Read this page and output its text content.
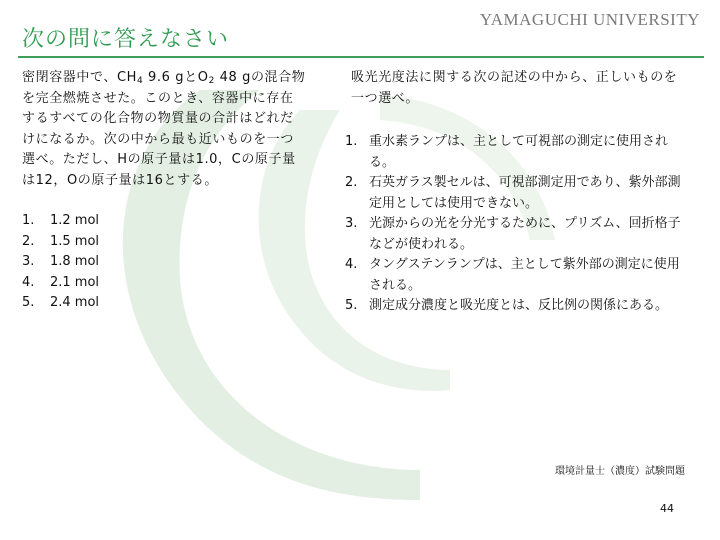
次の問に答えなさい
YAMAGUCHI UNIVERSITY

密閉容器中で、$CH_4$ 9.6 gと$O_2$ 48 gの混合物を完全燃焼させた。このとき、容器中に存在するすべての化合物の物質量の合計はどれだけになるか。次の中から最も近いものを一つ選べ。ただし、Hの原子量は1.0，Cの原子量は12，Oの原子量は16とする。

1.	1.2 mol
2.	1.5 mol
3.	1.8 mol
4.	2.1 mol
5.	2.4 mol

吸光光度法に関する次の記述の中から、正しいものを一つ選べ。

1. 重水素ランプは、主として可視部の測定に使用される。
2. 石英ガラス製セルは、可視部測定用であり、紫外部測定用としては使用できない。
3. 光源からの光を分光するために、プリズム、回折格子などが使われる。
4. タングステンランプは、主として紫外部の測定に使用される。
5. 測定成分濃度と吸光度とは、反比例の関係にある。
環境計量士（濃度）試験問題
44
